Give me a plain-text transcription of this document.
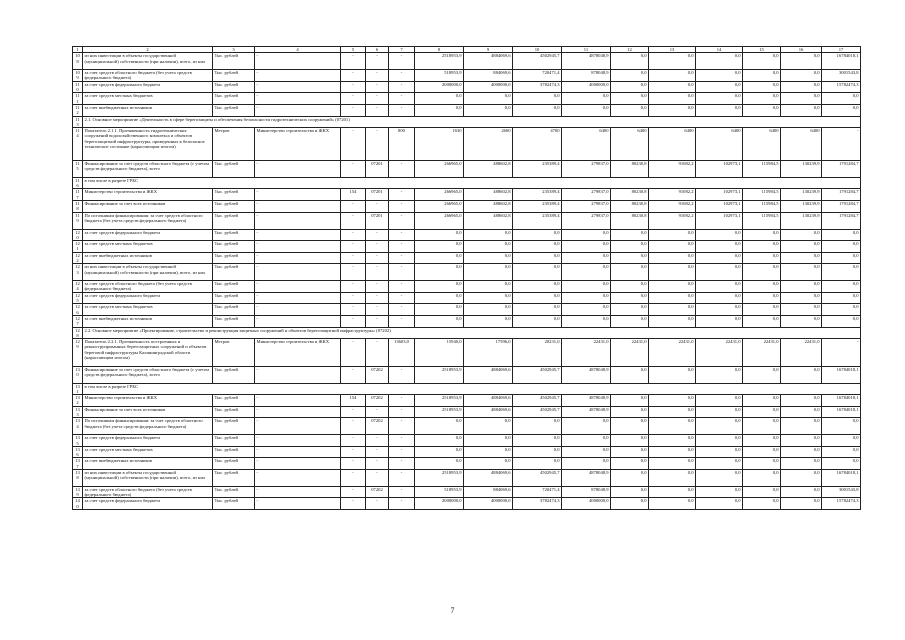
1	2	3	4	5	6	7	8	9	10	11	12	13	14	15	16	17
108	из них инвестиции в объекты государственной (муниципальной) собственности (при наличии), всего, из них	Тыс. рублей	-	-	-	-	2518953,9	4884069,6	4502945,7	4878048,9	0,0	0,0	0,0	0,0	0,0	16784018,1
109	за счет средств областного бюджета (без учета средств федерального бюджета)	Тыс. рублей	-	-	-	-	518953,9	884069,6	720471,4	878048,9	0,0	0,0	0,0	0,0	0,0	3001543,8
110	за счет средств федерального бюджета	Тыс. рублей	-	-	-	-	2000000,0	4000000,0	3782474,3	4000000,0	0,0	0,0	0,0	0,0	0,0	15782474,3
111	за счет средств местных бюджетов	Тыс. рублей	-	-	-	-	0,0	0,0	0,0	0,0	0,0	0,0	0,0	0,0	0,0	0,0
112	за счет внебюджетных источников	Тыс. рублей	-	-	-	-	0,0	0,0	0,0	0,0	0,0	0,0	0,0	0,0	0,0	0,0
113	2.1. Основное мероприятие «Деятельность в сфере берегозащиты и обеспечения безопасности гидротехнических сооружений» (07201)															
114	Показатель 2.1.1. Протяженность гидротехнических сооружений водохозяйственного комплекса и объектов берегозащитной инфраструктуры, приведенных в безопасное техническое состояние (нарастающим итогом)	Метров	Министерство строительства и ЖКХ	-	-	800	1630	2600	4700	6400	6400	6400	6400	6400	6400	-
115	Финансирование за счет средств областного бюджета (с учетом средств федерального бюджета), всего	Тыс. рублей	-	-	07201	-	266965,0	488602,8	235389,4	279837,0	80230,8	91082,2	102973,1	115984,5	130239,9	1791284,7
116	в том числе в разрезе ГРБС															
117	Министерство строительства и ЖКХ	Тыс. рублей	-	154	07201	-	266965,0	488602,8	235389,4	279837,0	80230,8	91082,2	102973,1	115984,5	130239,9	1791284,7
118	Финансирование за счет всех источников	Тыс. рублей	-	-	-	-	266965,0	488602,8	235389,4	279837,0	80230,8	91082,2	102973,1	115984,5	130239,9	1791284,7
119	По источникам финансирования: за счет средств областного бюджета (без учета средств федерального бюджета)	Тыс. рублей	-	-	07201	-	266965,0	488602,8	235389,4	279837,0	80230,8	91082,2	102973,1	115984,5	130239,9	1791284,7
120	за счет средств федерального бюджета	Тыс. рублей	-	-	-	-	0,0	0,0	0,0	0,0	0,0	0,0	0,0	0,0	0,0	0,0
121	за счет средств местных бюджетов	Тыс. рублей	-	-	-	-	0,0	0,0	0,0	0,0	0,0	0,0	0,0	0,0	0,0	0,0
122	за счет внебюджетных источников	Тыс. рублей	-	-	-	-	0,0	0,0	0,0	0,0	0,0	0,0	0,0	0,0	0,0	0,0
123	из них инвестиции в объекты государственной (муниципальной) собственности (при наличии), всего, из них	Тыс. рублей	-	-	-	-	0,0	0,0	0,0	0,0	0,0	0,0	0,0	0,0	0,0	0,0
124	за счет средств областного бюджета (без учета средств федерального бюджета)	Тыс. рублей	-	-	-	-	0,0	0,0	0,0	0,0	0,0	0,0	0,0	0,0	0,0	0,0
125	за счет средств федерального бюджета	Тыс. рублей	-	-	-	-	0,0	0,0	0,0	0,0	0,0	0,0	0,0	0,0	0,0	0,0
126	за счет средств местных бюджетов	Тыс. рублей	-	-	-	-	0,0	0,0	0,0	0,0	0,0	0,0	0,0	0,0	0,0	0,0
127	за счет внебюджетных источников	Тыс. рублей	-	-	-	-	0,0	0,0	0,0	0,0	0,0	0,0	0,0	0,0	0,0	0,0
128	2.2. Основное мероприятие «Проектирование, строительство и реконструкция защитных сооружений и объектов берегозащитной инфраструктуры» (07202)															
129	Показатель 2.2.1. Протяженность построенных и реконструированных берегозащитных сооружений и объектов береговой инфраструктуры Калининградской области (нарастающим итогом)	Метров	Министерство строительства и ЖКХ	-	-	13603,0	15940,0	17596,0	20231,0	22431,0	22431,0	22431,0	22431,0	22431,0	22431,0	-
130	Финансирование за счет средств областного бюджета (с учетом средств федерального бюджета), всего	Тыс. рублей	-	-	07202	-	2518953,9	4884069,6	4502945,7	4878048,9	0,0	0,0	0,0	0,0	0,0	16784018,1
131	в том числе в разрезе ГРБС															
132	Министерство строительства и ЖКХ	Тыс. рублей	-	154	07202	-	2518953,9	4884069,6	4502945,7	4878048,9	0,0	0,0	0,0	0,0	0,0	16784018,1
133	Финансирование за счет всех источников	Тыс. рублей	-	-	-	-	2518953,9	4884069,6	4502945,7	4878048,9	0,0	0,0	0,0	0,0	0,0	16784018,1
134	По источникам финансирования: за счет средств областного бюджета (без учета средств федерального бюджета)	Тыс. рублей	-	-	07202	-	0,0	0,0	0,0	0,0	0,0	0,0	0,0	0,0	0,0	0,0
135	за счет средств федерального бюджета	Тыс. рублей	-	-	-	-	0,0	0,0	0,0	0,0	0,0	0,0	0,0	0,0	0,0	0,0
136	за счет средств местных бюджетов	Тыс. рублей	-	-	-	-	0,0	0,0	0,0	0,0	0,0	0,0	0,0	0,0	0,0	0,0
137	за счет внебюджетных источников	Тыс. рублей	-	-	-	-	0,0	0,0	0,0	0,0	0,0	0,0	0,0	0,0	0,0	0,0
138	из них инвестиции в объекты государственной (муниципальной) собственности (при наличии), всего, из них	Тыс. рублей	-	-	-	-	2518953,9	4884069,6	4502945,7	4878048,9	0,0	0,0	0,0	0,0	0,0	16784018,1
139	за счет средств областного бюджета (без учета средств федерального бюджета)	Тыс. рублей	-	-	07202	-	518953,9	884069,6	720471,4	878048,9	0,0	0,0	0,0	0,0	0,0	3001543,8
140	за счет средств федерального бюджета	Тыс. рублей	-	-	-	-	2000000,0	4000000,0	3782474,3	4000000,0	0,0	0,0	0,0	0,0	0,0	15782474,3
7
